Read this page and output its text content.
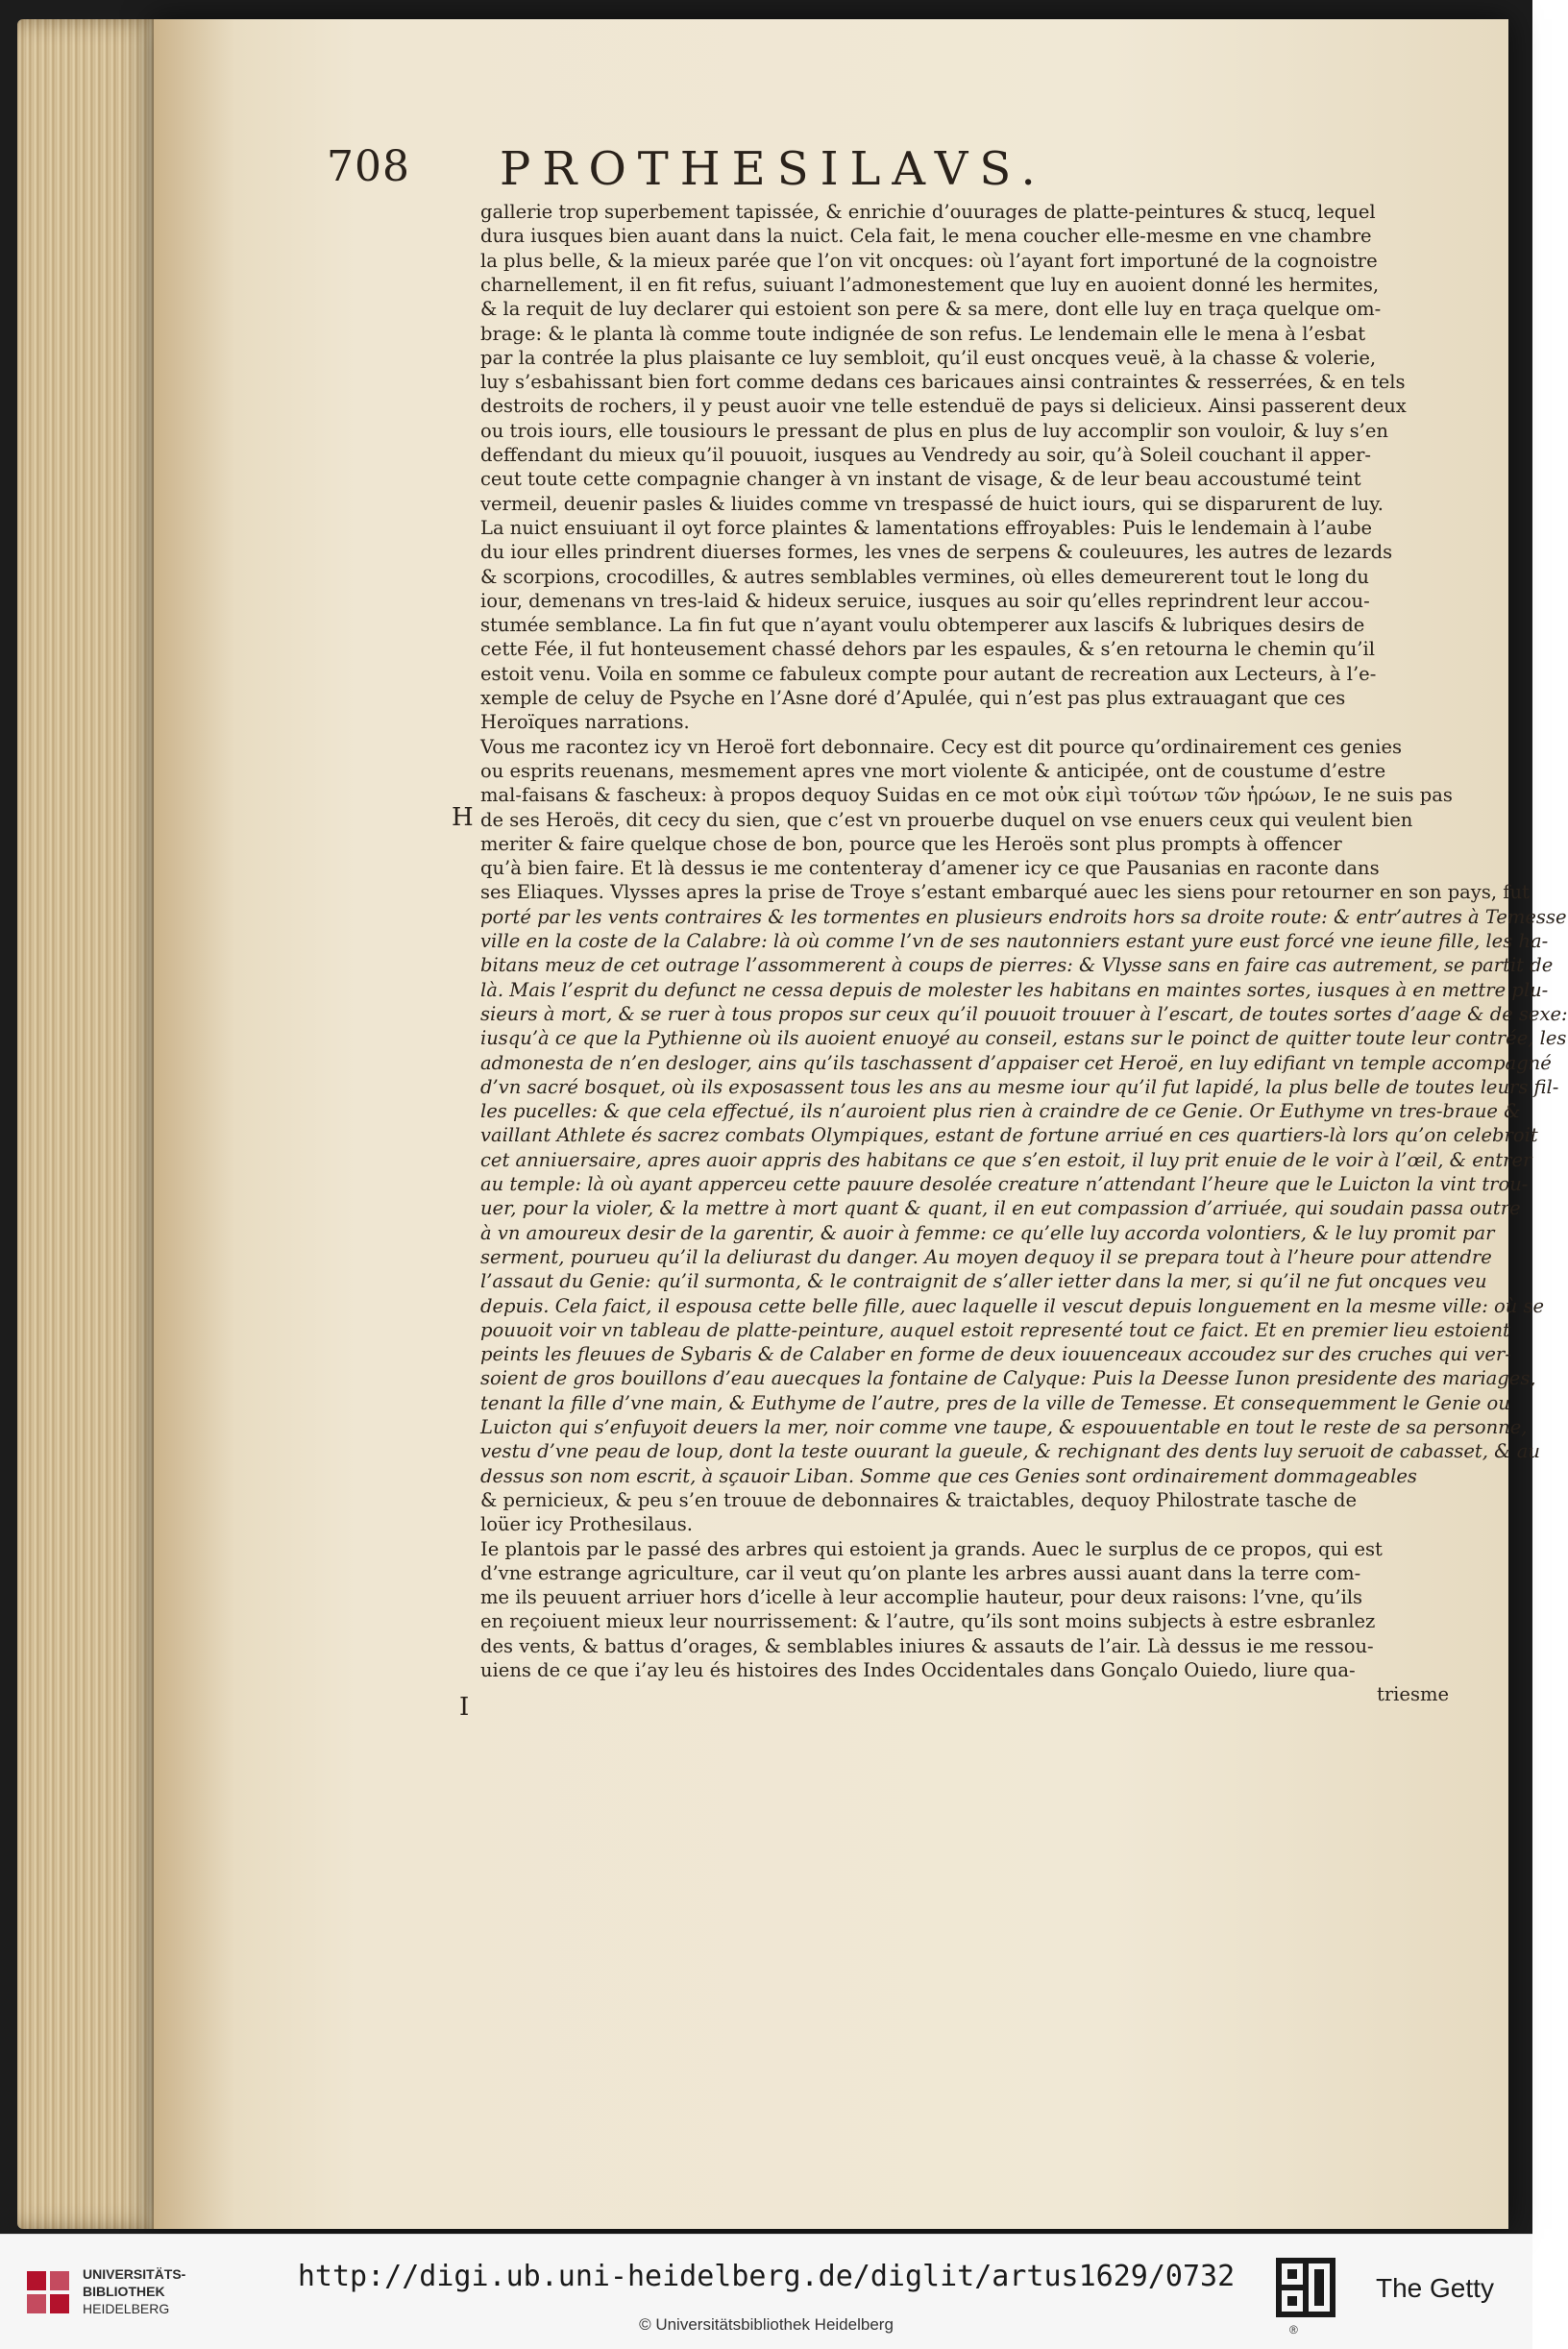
708 PROTHESILAVS.
gallerie trop superbement tapissée, & enrichie d’ouurages de platte-peintures & stucq, lequel
dura iusques bien auant dans la nuict. Cela fait, le mena coucher elle-mesme en vne chambre
la plus belle, & la mieux parée que l’on vit oncques: où l’ayant fort importuné de la cognoistre
charnellement, il en fit refus, suiuant l’admonestement que luy en auoient donné les hermites,
& la requit de luy declarer qui estoient son pere & sa mere, dont elle luy en traça quelque om-
brage: & le planta là comme toute indignée de son refus. Le lendemain elle le mena à l’esbat
par la contrée la plus plaisante ce luy sembloit, qu’il eust oncques veuë, à la chasse & volerie,
luy s’esbahissant bien fort comme dedans ces baricaues ainsi contraintes & resserrées, & en tels
destroits de rochers, il y peust auoir vne telle estenduë de pays si delicieux. Ainsi passerent deux
ou trois iours, elle tousiours le pressant de plus en plus de luy accomplir son vouloir, & luy s’en
deffendant du mieux qu’il pouuoit, iusques au Vendredy au soir, qu’à Soleil couchant il apper-
ceut toute cette compagnie changer à vn instant de visage, & de leur beau accoustumé teint
vermeil, deuenir pasles & liuides comme vn trespassé de huict iours, qui se disparurent de luy.
La nuict ensuiuant il oyt force plaintes & lamentations effroyables: Puis le lendemain à l’aube
du iour elles prindrent diuerses formes, les vnes de serpens & couleuures, les autres de lezards
& scorpions, crocodilles, & autres semblables vermines, où elles demeurerent tout le long du
iour, demenans vn tres-laid & hideux seruice, iusques au soir qu’elles reprindrent leur accou-
stumée semblance. La fin fut que n’ayant voulu obtemperer aux lascifs & lubriques desirs de
cette Fée, il fut honteusement chassé dehors par les espaules, & s’en retourna le chemin qu’il
estoit venu. Voila en somme ce fabuleux compte pour autant de recreation aux Lecteurs, à l’e-
xemple de celuy de Psyche en l’Asne doré d’Apulée, qui n’est pas plus extrauagant que ces
Heroïques narrations.
Vous me racontez icy vn Heroë fort debonnaire. Cecy est dit pource qu’ordinairement ces genies
ou esprits reuenans, mesmement apres vne mort violente & anticipée, ont de coustume d’estre
mal-faisans & fascheux: à propos dequoy Suidas en ce mot οὐκ εἰμὶ τούτων τῶν ἡρώων, Ie ne suis pas
de ses Heroës, dit cecy du sien, que c’est vn prouerbe duquel on vse enuers ceux qui veulent bien
meriter & faire quelque chose de bon, pource que les Heroës sont plus prompts à offencer
qu’à bien faire. Et là dessus ie me contenteray d’amener icy ce que Pausanias en raconte dans
ses Eliaques. Vlysses apres la prise de Troye s’estant embarqué auec les siens pour retourner en son pays, fut
porté par les vents contraires & les tormentes en plusieurs endroits hors sa droite route: & entr’autres à Temesse
ville en la coste de la Calabre: là où comme l’vn de ses nautonniers estant yure eust forcé vne ieune fille, les ha-
bitans meuz de cet outrage l’assommerent à coups de pierres: & Vlysse sans en faire cas autrement, se partit de
là. Mais l’esprit du defunct ne cessa depuis de molester les habitans en maintes sortes, iusques à en mettre plu-
sieurs à mort, & se ruer à tous propos sur ceux qu’il pouuoit trouuer à l’escart, de toutes sortes d’aage & de sexe:
iusqu’à ce que la Pythienne où ils auoient enuoyé au conseil, estans sur le poinct de quitter toute leur contrée, les
admonesta de n’en desloger, ains qu’ils taschassent d’appaiser cet Heroë, en luy edifiant vn temple accompagné
d’vn sacré bosquet, où ils exposassent tous les ans au mesme iour qu’il fut lapidé, la plus belle de toutes leurs fil-
les pucelles: & que cela effectué, ils n’auroient plus rien à craindre de ce Genie. Or Euthyme vn tres-braue &
vaillant Athlete és sacrez combats Olympiques, estant de fortune arriué en ces quartiers-là lors qu’on celebroit
cet anniuersaire, apres auoir appris des habitans ce que s’en estoit, il luy prit enuie de le voir à l’œil, & entrer
au temple: là où ayant apperceu cette pauure desolée creature n’attendant l’heure que le Luicton la vint trou-
uer, pour la violer, & la mettre à mort quant & quant, il en eut compassion d’arriuée, qui soudain passa outre
à vn amoureux desir de la garentir, & auoir à femme: ce qu’elle luy accorda volontiers, & le luy promit par
serment, pourueu qu’il la deliurast du danger. Au moyen dequoy il se prepara tout à l’heure pour attendre
l’assaut du Genie: qu’il surmonta, & le contraignit de s’aller ietter dans la mer, si qu’il ne fut oncques veu
depuis. Cela faict, il espousa cette belle fille, auec laquelle il vescut depuis longuement en la mesme ville: où se
pouuoit voir vn tableau de platte-peinture, auquel estoit representé tout ce faict. Et en premier lieu estoient
peints les fleuues de Sybaris & de Calaber en forme de deux iouuenceaux accoudez sur des cruches qui ver-
soient de gros bouillons d’eau auecques la fontaine de Calyque: Puis la Deesse Iunon presidente des mariages,
tenant la fille d’vne main, & Euthyme de l’autre, pres de la ville de Temesse. Et consequemment le Genie ou
Luicton qui s’enfuyoit deuers la mer, noir comme vne taupe, & espouuentable en tout le reste de sa personne,
vestu d’vne peau de loup, dont la teste ouurant la gueule, & rechignant des dents luy seruoit de cabasset, & au
dessus son nom escrit, à sçauoir Liban. Somme que ces Genies sont ordinairement dommageables
& pernicieux, & peu s’en trouue de debonnaires & traictables, dequoy Philostrate tasche de
loüer icy Prothesilaus.
Ie plantois par le passé des arbres qui estoient ja grands. Auec le surplus de ce propos, qui est
d’vne estrange agriculture, car il veut qu’on plante les arbres aussi auant dans la terre com-
me ils peuuent arriuer hors d’icelle à leur accomplie hauteur, pour deux raisons: l’vne, qu’ils
en reçoiuent mieux leur nourrissement: & l’autre, qu’ils sont moins subjects à estre esbranlez
des vents, & battus d’orages, & semblables iniures & assauts de l’air. Là dessus ie me ressou-
uiens de ce que i’ay leu és histoires des Indes Occidentales dans Gonçalo Ouiedo, liure qua-
triesme
H
I
UNIVERSITÄTS-
BIBLIOTHEK
HEIDELBERG
http://digi.ub.uni-heidelberg.de/diglit/artus1629/0732
© Universitätsbibliothek Heidelberg	®
The Getty
